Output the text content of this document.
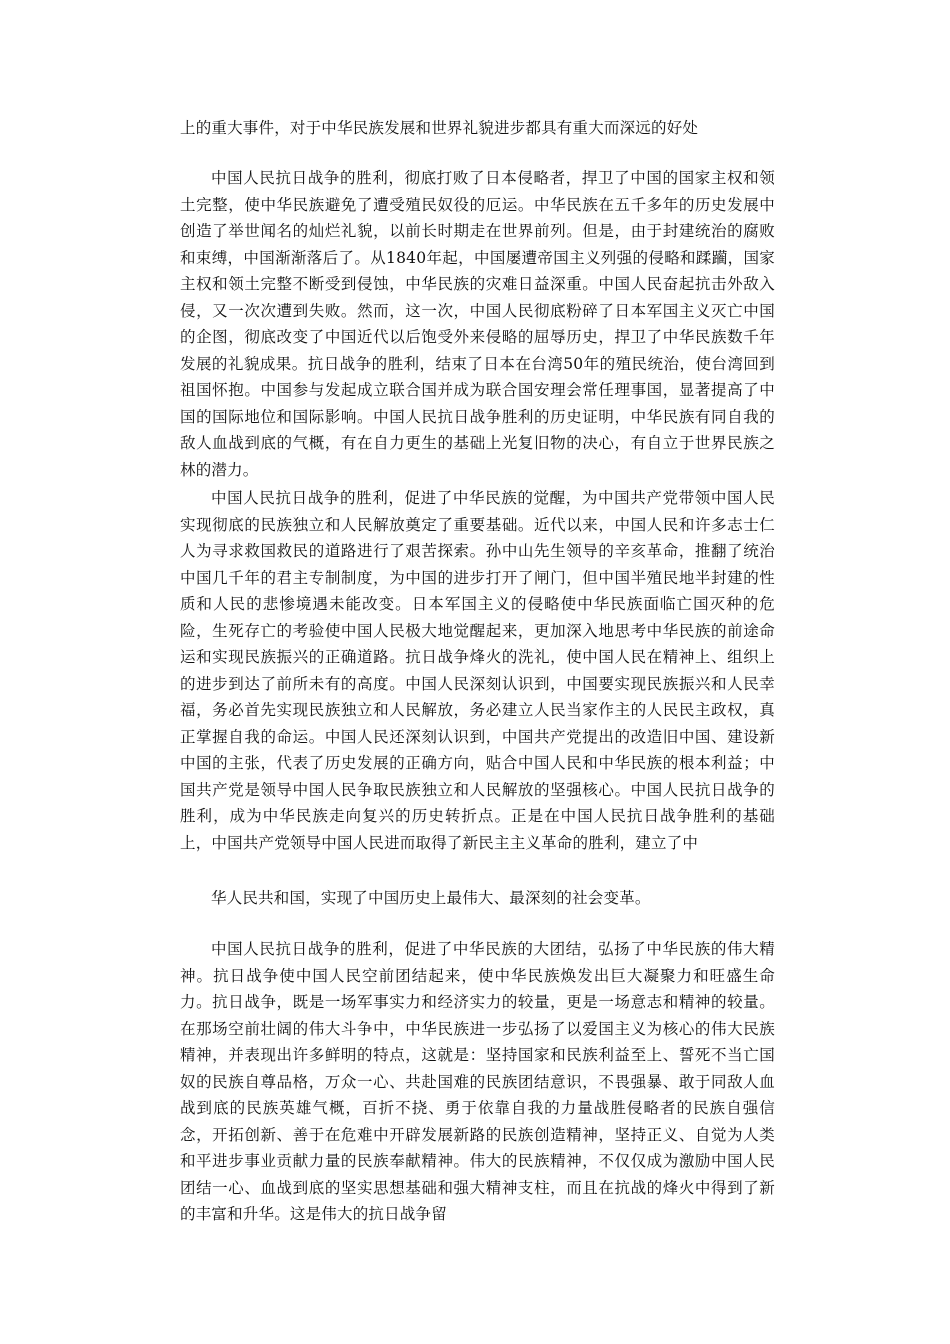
上的重大事件，对于中华民族发展和世界礼貌进步都具有重大而深远的好处

中国人民抗日战争的胜利，彻底打败了日本侵略者，捍卫了中国的国家主权和领土完整，使中华民族避免了遭受殖民奴役的厄运。中华民族在五千多年的历史发展中创造了举世闻名的灿烂礼貌，以前长时期走在世界前列。但是，由于封建统治的腐败和束缚，中国渐渐落后了。从1840年起，中国屡遭帝国主义列强的侵略和蹂躏，国家主权和领土完整不断受到侵蚀，中华民族的灾难日益深重。中国人民奋起抗击外敌入侵，又一次次遭到失败。然而，这一次，中国人民彻底粉碎了日本军国主义灭亡中国的企图，彻底改变了中国近代以后饱受外来侵略的屈辱历史，捍卫了中华民族数千年发展的礼貌成果。抗日战争的胜利，结束了日本在台湾50年的殖民统治，使台湾回到祖国怀抱。中国参与发起成立联合国并成为联合国安理会常任理事国，显著提高了中国的国际地位和国际影响。中国人民抗日战争胜利的历史证明，中华民族有同自我的敌人血战到底的气概，有在自力更生的基础上光复旧物的决心，有自立于世界民族之林的潜力。

中国人民抗日战争的胜利，促进了中华民族的觉醒，为中国共产党带领中国人民实现彻底的民族独立和人民解放奠定了重要基础。近代以来，中国人民和许多志士仁人为寻求救国救民的道路进行了艰苦探索。孙中山先生领导的辛亥革命，推翻了统治中国几千年的君主专制制度，为中国的进步打开了闸门，但中国半殖民地半封建的性质和人民的悲惨境遇未能改变。日本军国主义的侵略使中华民族面临亡国灭种的危险，生死存亡的考验使中国人民极大地觉醒起来，更加深入地思考中华民族的前途命运和实现民族振兴的正确道路。抗日战争烽火的洗礼，使中国人民在精神上、组织上的进步到达了前所未有的高度。中国人民深刻认识到，中国要实现民族振兴和人民幸福，务必首先实现民族独立和人民解放，务必建立人民当家作主的人民民主政权，真正掌握自我的命运。中国人民还深刻认识到，中国共产党提出的改造旧中国、建设新中国的主张，代表了历史发展的正确方向，贴合中国人民和中华民族的根本利益；中国共产党是领导中国人民争取民族独立和人民解放的坚强核心。中国人民抗日战争的胜利，成为中华民族走向复兴的历史转折点。正是在中国人民抗日战争胜利的基础上，中国共产党领导中国人民进而取得了新民主主义革命的胜利，建立了中

华人民共和国，实现了中国历史上最伟大、最深刻的社会变革。

中国人民抗日战争的胜利，促进了中华民族的大团结，弘扬了中华民族的伟大精神。抗日战争使中国人民空前团结起来，使中华民族焕发出巨大凝聚力和旺盛生命力。抗日战争，既是一场军事实力和经济实力的较量，更是一场意志和精神的较量。在那场空前壮阔的伟大斗争中，中华民族进一步弘扬了以爱国主义为核心的伟大民族精神，并表现出许多鲜明的特点，这就是：坚持国家和民族利益至上、誓死不当亡国奴的民族自尊品格，万众一心、共赴国难的民族团结意识，不畏强暴、敢于同敌人血战到底的民族英雄气概，百折不挠、勇于依靠自我的力量战胜侵略者的民族自强信念，开拓创新、善于在危难中开辟发展新路的民族创造精神，坚持正义、自觉为人类和平进步事业贡献力量的民族奉献精神。伟大的民族精神，不仅仅成为激励中国人民团结一心、血战到底的坚实思想基础和强大精神支柱，而且在抗战的烽火中得到了新的丰富和升华。这是伟大的抗日战争留
